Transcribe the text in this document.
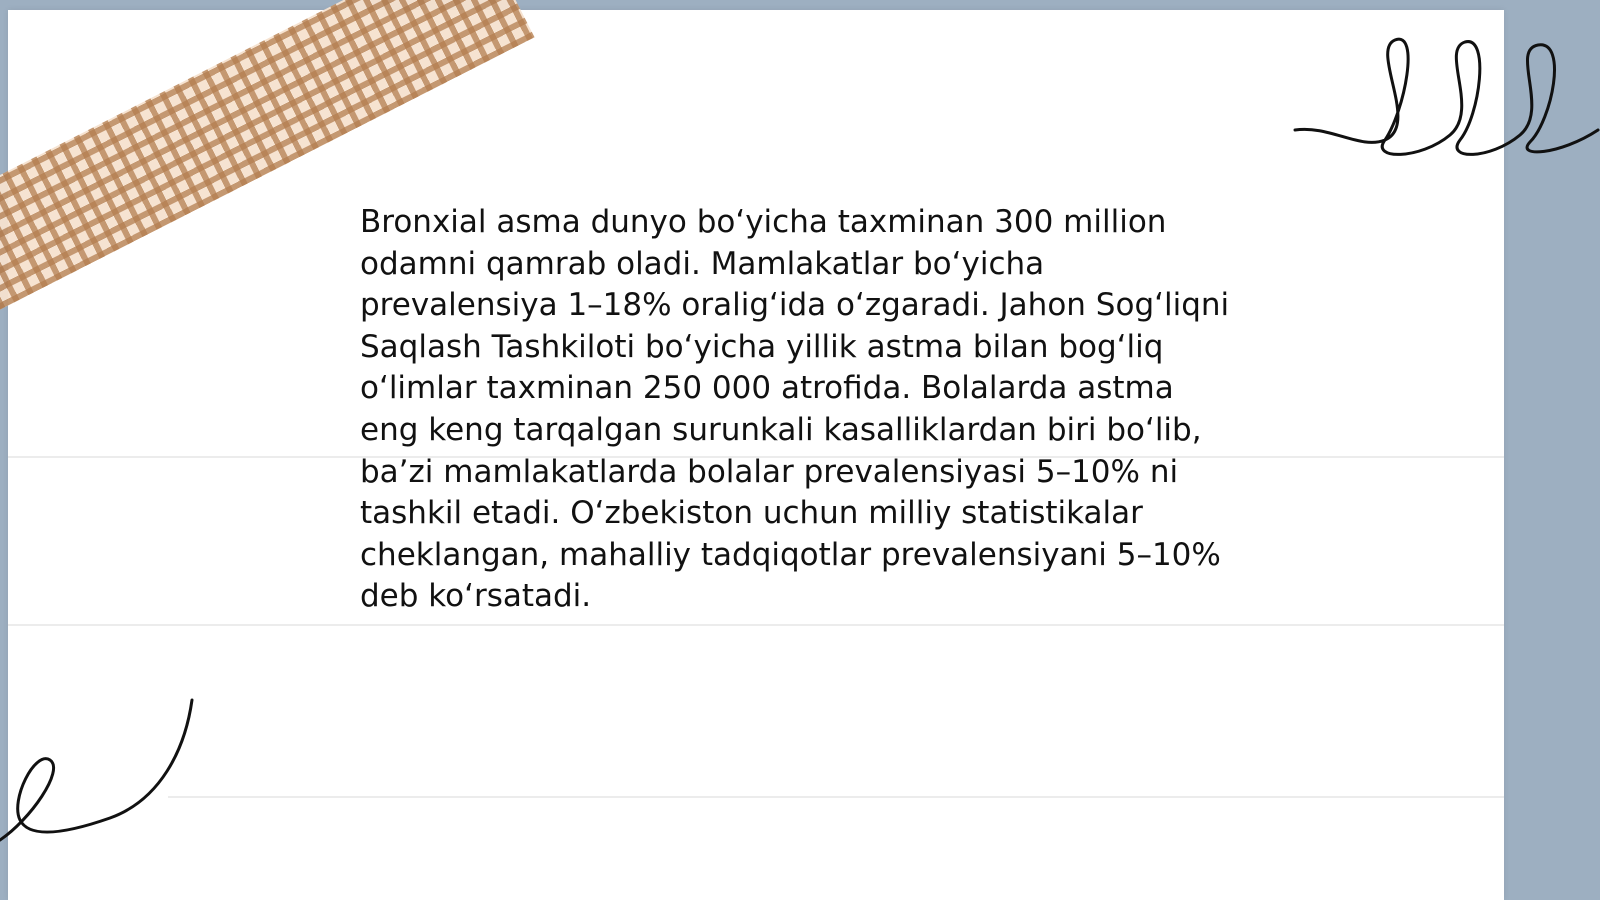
Bronxial asma dunyo bo‘yicha taxminan 300 million odamni qamrab oladi. Mamlakatlar bo‘yicha prevalensiya 1–18% oralig‘ida o‘zgaradi. Jahon Sog‘liqni Saqlash Tashkiloti bo‘yicha yillik astma bilan bog‘liq o‘limlar taxminan 250 000 atrofida. Bolalarda astma eng keng tarqalgan surunkali kasalliklardan biri bo‘lib, ba’zi mamlakatlarda bolalar prevalensiyasi 5–10% ni tashkil etadi. O‘zbekiston uchun milliy statistikalar cheklangan, mahalliy tadqiqotlar prevalensiyani 5–10% deb ko‘rsatadi.
